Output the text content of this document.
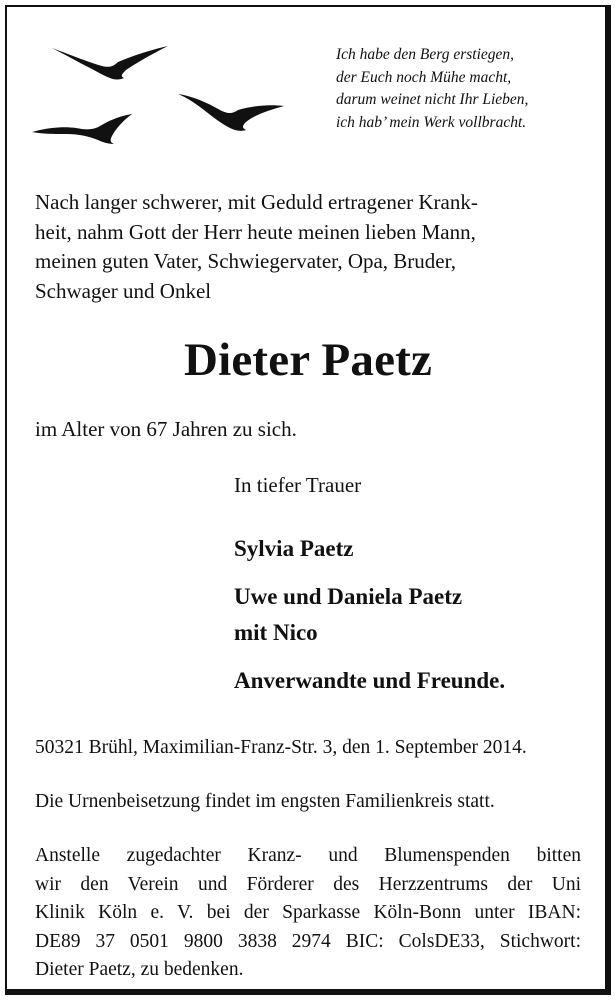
Ich habe den Berg erstiegen,
der Euch noch Mühe macht,
darum weinet nicht Ihr Lieben,
ich hab’ mein Werk vollbracht.
Nach langer schwerer, mit Geduld ertragener Krank-
heit, nahm Gott der Herr heute meinen lieben Mann,
meinen guten Vater, Schwiegervater, Opa, Bruder,
Schwager und Onkel
Dieter Paetz
im Alter von 67 Jahren zu sich.
In tiefer Trauer
Sylvia Paetz
Uwe und Daniela Paetz
mit Nico
Anverwandte und Freunde.
50321 Brühl, Maximilian-Franz-Str. 3, den 1. September 2014.
Die Urnenbeisetzung findet im engsten Familienkreis statt.
Anstelle zugedachter Kranz- und Blumenspenden bitten
wir den Verein und Förderer des Herzzentrums der Uni
Klinik Köln e. V. bei der Sparkasse Köln-Bonn unter IBAN:
DE89 37 0501 9800 3838 2974 BIC: ColsDE33, Stichwort:
Dieter Paetz, zu bedenken.
